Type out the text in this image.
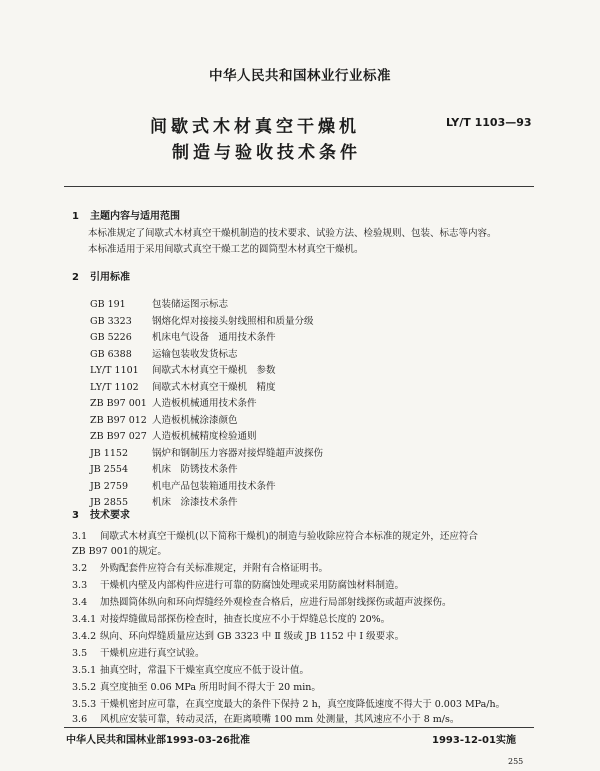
中华人民共和国林业行业标准
间歇式木材真空干燥机
制造与验收技术条件
LY/T 1103—93
1 主题内容与适用范围
本标准规定了间歇式木材真空干燥机制造的技术要求、试验方法、检验规则、包装、标志等内容。
本标准适用于采用间歇式真空干燥工艺的圆筒型木材真空干燥机。
2 引用标准
GB 191	包装储运图示标志
GB 3323 钢熔化焊对接接头射线照相和质量分级
GB 5226 机床电气设备　通用技术条件
GB 6388 运输包装收发货标志
LY/T 1101 间歇式木材真空干燥机　参数
LY/T 1102 间歇式木材真空干燥机　精度
ZB B97 001 人造板机械通用技术条件
ZB B97 012 人造板机械涂漆颜色
ZB B97 027 人造板机械精度检验通则
JB 1152	锅炉和钢制压力容器对接焊缝超声波探伤
JB 2554	机床　防锈技术条件
JB 2759	机电产品包装箱通用技术条件
JB 2855	机床　涂漆技术条件
3 技术要求
3.1 间歇式木材真空干燥机(以下简称干燥机)的制造与验收除应符合本标准的规定外，还应符合
ZB B97 001的规定。
3.2 外购配套件应符合有关标准规定，并附有合格证明书。
3.3 干燥机内壁及内部构件应进行可靠的防腐蚀处理或采用防腐蚀材料制造。
3.4 加热圆筒体纵向和环向焊缝经外观检查合格后，应进行局部射线探伤或超声波探伤。
3.4.1 对接焊缝做局部探伤检查时，抽查长度应不小于焊缝总长度的 20%。
3.4.2 纵向、环向焊缝质量应达到 GB 3323 中 Ⅱ 级或 JB 1152 中 Ⅰ 级要求。
3.5 干燥机应进行真空试验。
3.5.1 抽真空时，常温下干燥室真空度应不低于设计值。
3.5.2 真空度抽至 0.06 MPa 所用时间不得大于 20 min。
3.5.3 干燥机密封应可靠，在真空度最大的条件下保持 2 h，真空度降低速度不得大于 0.003 MPa/h。
3.6 风机应安装可靠，转动灵活，在距离喷嘴 100 mm 处测量，其风速应不小于 8 m/s。
中华人民共和国林业部1993-03-26批准	1993-12-01实施
255
